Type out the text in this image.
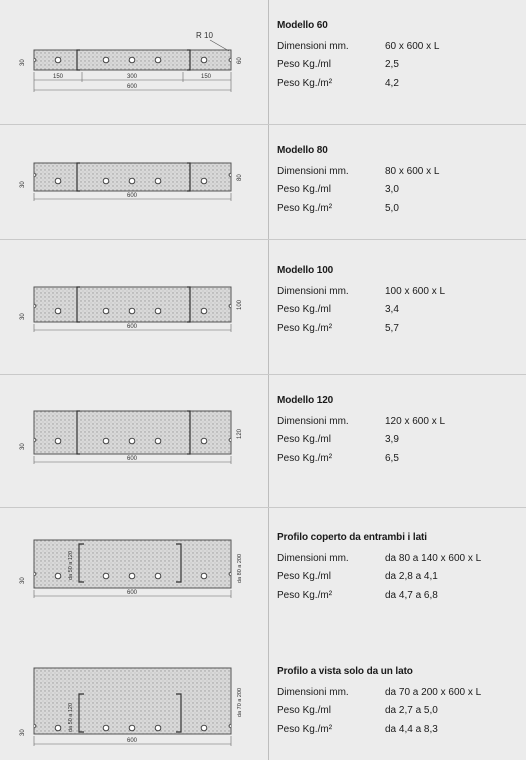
150	300	150
600
30	60
R 10
Modello 60
Dimensioni mm.	60 x 600 x L
Peso Kg./ml	2,5
Peso Kg./m²	4,2
600
30
80
Modello 80
Dimensioni mm.	80 x 600 x L
Peso Kg./ml	3,0
Peso Kg./m²	5,0
600
30
100
Modello 100
Dimensioni mm.	100 x 600 x L
Peso Kg./ml	3,4
Peso Kg./m²	5,7
600
30
120
Modello 120
Dimensioni mm.	120 x 600 x L
Peso Kg./ml	3,9
Peso Kg./m²	6,5
600
30
da 50 a 120	da 80 a 200
Profilo coperto da entrambi i lati
Dimensioni mm.	da 80 a 140 x 600 x L
Peso Kg./ml	da 2,8 a 4,1
Peso Kg./m²	da 4,7 a 6,8
600
30
da 50 a 120
da 70 a 200
Profilo a vista solo da un lato
Dimensioni mm.	da 70 a 200 x 600 x L
Peso Kg./ml	da 2,7 a 5,0
Peso Kg./m²	da 4,4 a 8,3
